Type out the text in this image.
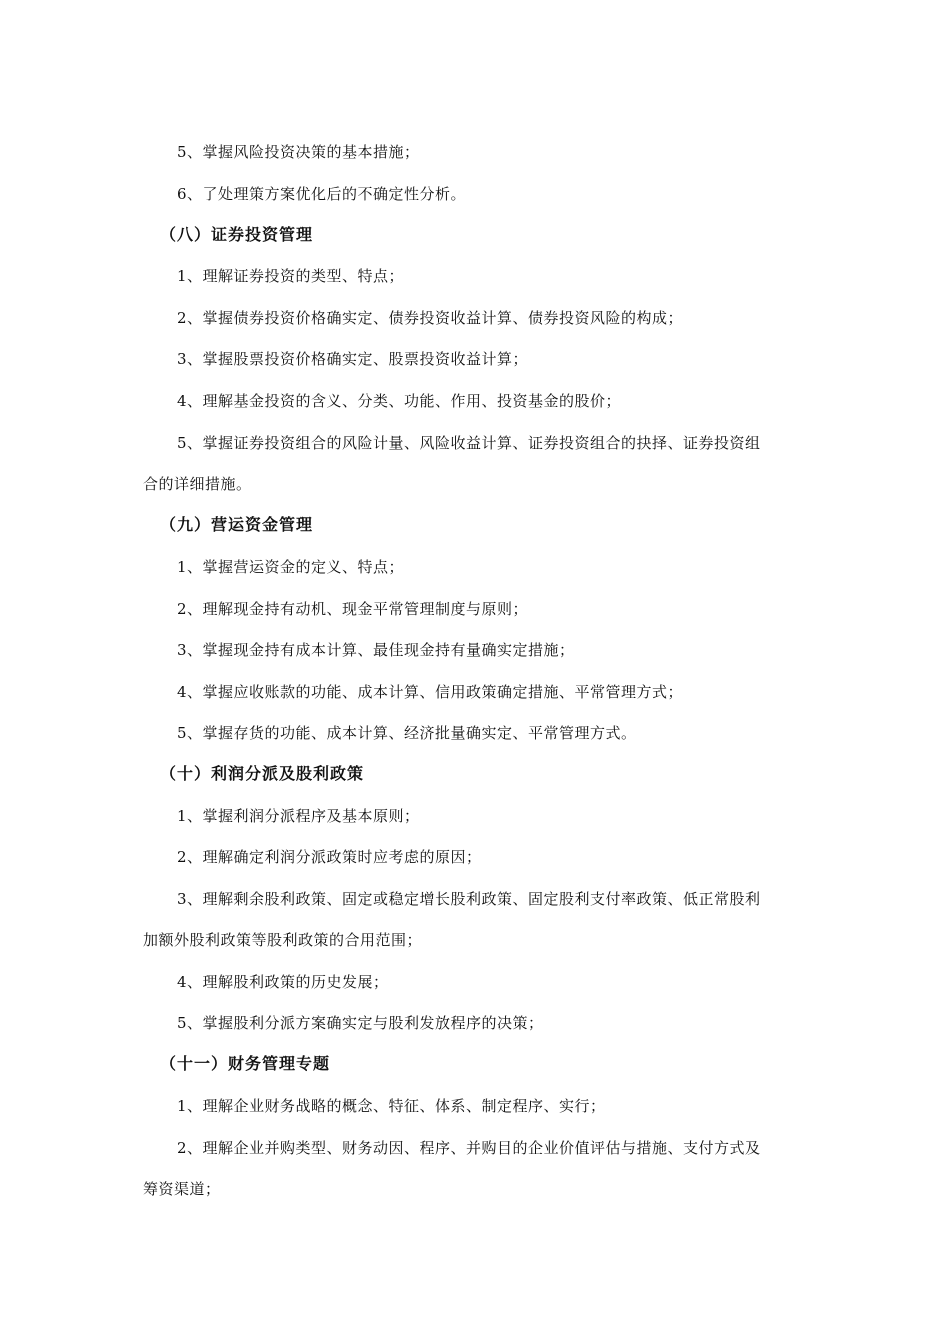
5、掌握风险投资决策的基本措施；
6、了处理策方案优化后的不确定性分析。
（八）证券投资管理
1、理解证券投资的类型、特点；
2、掌握债券投资价格确实定、债券投资收益计算、债券投资风险的构成；
3、掌握股票投资价格确实定、股票投资收益计算；
4、理解基金投资的含义、分类、功能、作用、投资基金的股价；
5、掌握证券投资组合的风险计量、风险收益计算、证券投资组合的抉择、证券投资组
合的详细措施。
（九）营运资金管理
1、掌握营运资金的定义、特点；
2、理解现金持有动机、现金平常管理制度与原则；
3、掌握现金持有成本计算、最佳现金持有量确实定措施；
4、掌握应收账款的功能、成本计算、信用政策确定措施、平常管理方式；
5、掌握存货的功能、成本计算、经济批量确实定、平常管理方式。
（十）利润分派及股利政策
1、掌握利润分派程序及基本原则；
2、理解确定利润分派政策时应考虑的原因；
3、理解剩余股利政策、固定或稳定增长股利政策、固定股利支付率政策、低正常股利
加额外股利政策等股利政策的合用范围；
4、理解股利政策的历史发展；
5、掌握股利分派方案确实定与股利发放程序的决策；
（十一）财务管理专题
1、理解企业财务战略的概念、特征、体系、制定程序、实行；
2、理解企业并购类型、财务动因、程序、并购目的企业价值评估与措施、支付方式及
筹资渠道；
